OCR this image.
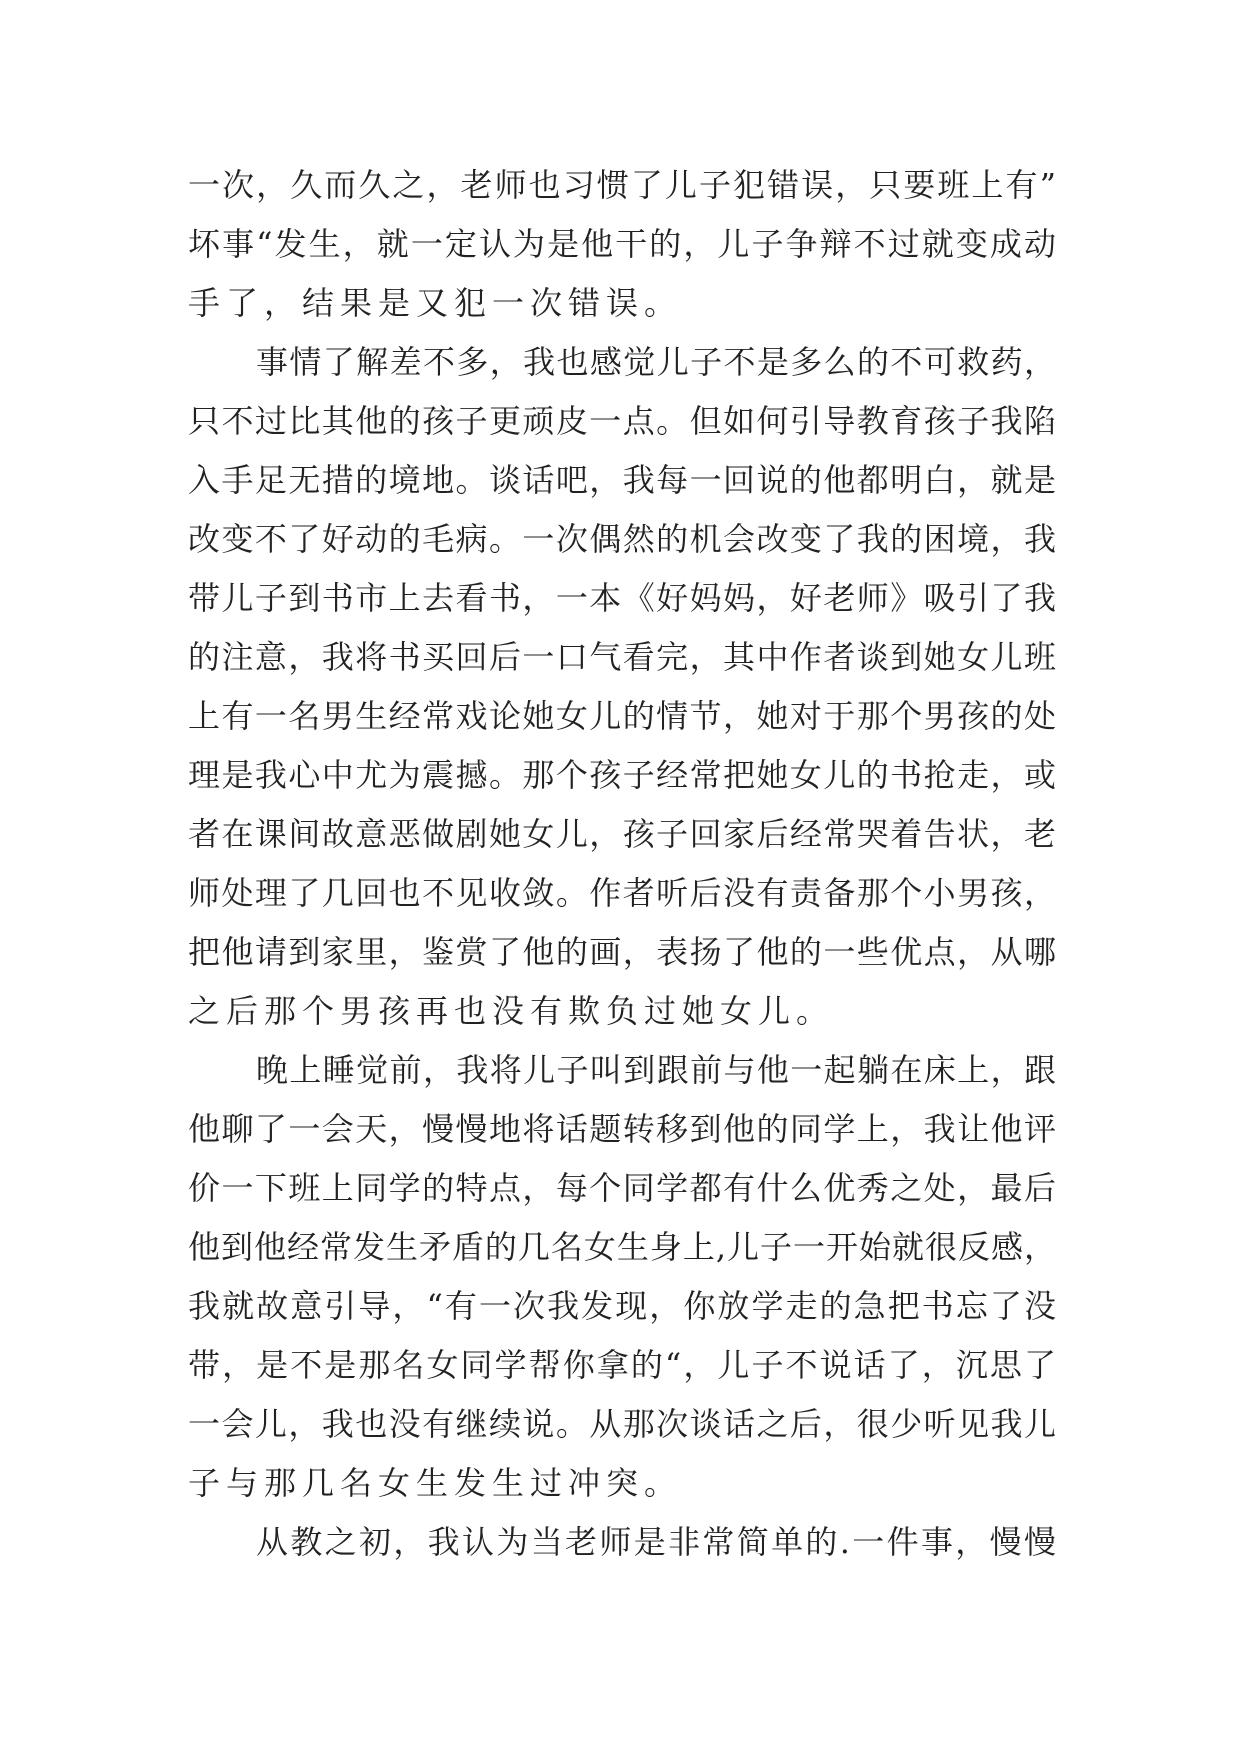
一次，久而久之，老师也习惯了儿子犯错误，只要班上有”
坏事“发生，就一定认为是他干的，儿子争辩不过就变成动
手了，结果是又犯一次错误。
事情了解差不多，我也感觉儿子不是多么的不可救药，
只不过比其他的孩子更顽皮一点。但如何引导教育孩子我陷
入手足无措的境地。谈话吧，我每一回说的他都明白，就是
改变不了好动的毛病。一次偶然的机会改变了我的困境，我
带儿子到书市上去看书，一本《好妈妈，好老师》吸引了我
的注意，我将书买回后一口气看完，其中作者谈到她女儿班
上有一名男生经常戏论她女儿的情节，她对于那个男孩的处
理是我心中尤为震撼。那个孩子经常把她女儿的书抢走，或
者在课间故意恶做剧她女儿，孩子回家后经常哭着告状，老
师处理了几回也不见收敛。作者听后没有责备那个小男孩，
把他请到家里，鉴赏了他的画，表扬了他的一些优点，从哪
之后那个男孩再也没有欺负过她女儿。
晚上睡觉前，我将儿子叫到跟前与他一起躺在床上，跟
他聊了一会天，慢慢地将话题转移到他的同学上，我让他评
价一下班上同学的特点，每个同学都有什么优秀之处，最后
他到他经常发生矛盾的几名女生身上,儿子一开始就很反感，
我就故意引导，“有一次我发现，你放学走的急把书忘了没
带，是不是那名女同学帮你拿的“，儿子不说话了，沉思了
一会儿，我也没有继续说。从那次谈话之后，很少听见我儿
子与那几名女生发生过冲突。
从教之初，我认为当老师是非常简单的.一件事，慢慢
